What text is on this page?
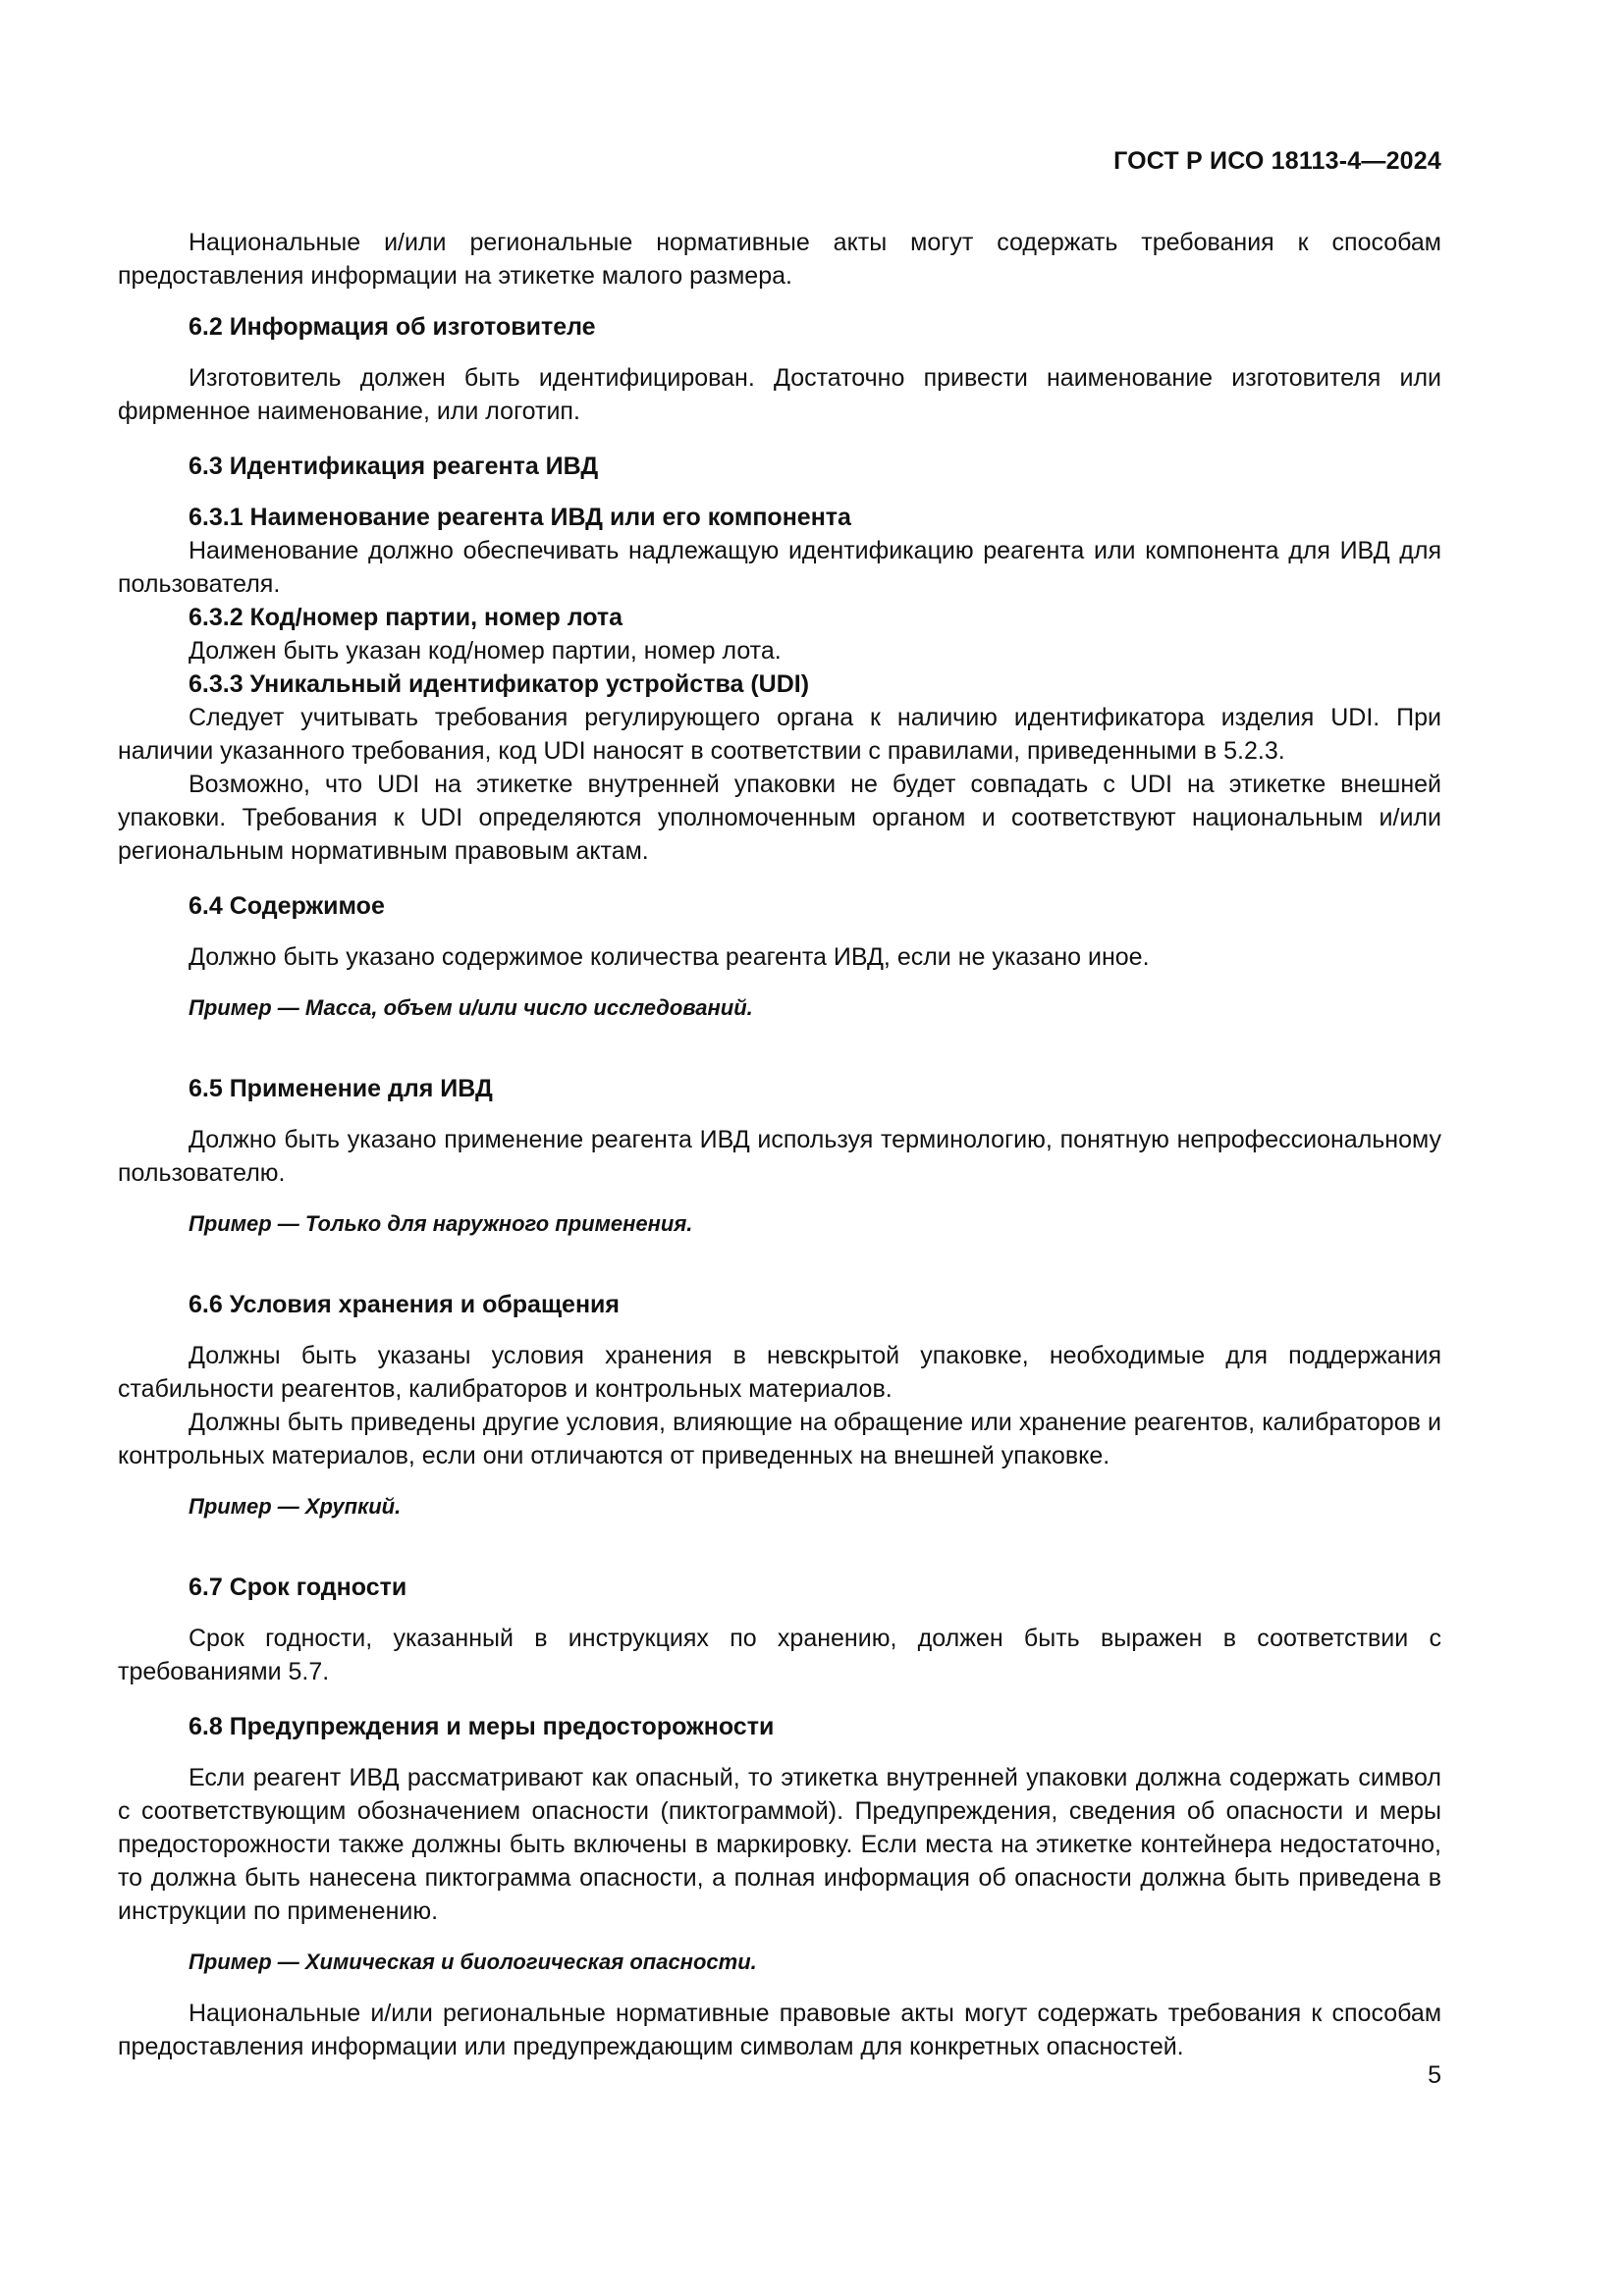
ГОСТ Р ИСО 18113-4—2024

Национальные и/или региональные нормативные акты могут содержать требования к способам предоставления информации на этикетке малого размера.

6.2 Информация об изготовителе

Изготовитель должен быть идентифицирован. Достаточно привести наименование изготовителя или фирменное наименование, или логотип.

6.3 Идентификация реагента ИВД
6.3.1 Наименование реагента ИВД или его компонента

Наименование должно обеспечивать надлежащую идентификацию реагента или компонента для ИВД для пользователя.

6.3.2 Код/номер партии, номер лота

Должен быть указан код/номер партии, номер лота.

6.3.3 Уникальный идентификатор устройства (UDI)

Следует учитывать требования регулирующего органа к наличию идентификатора изделия UDI. При наличии указанного требования, код UDI наносят в соответствии с правилами, приведенными в 5.2.3.

Возможно, что UDI на этикетке внутренней упаковки не будет совпадать с UDI на этикетке внешней упаковки. Требования к UDI определяются уполномоченным органом и соответствуют национальным и/или региональным нормативным правовым актам.

6.4 Содержимое

Должно быть указано содержимое количества реагента ИВД, если не указано иное.

Пример — Масса, объем и/или число исследований.
6.5 Применение для ИВД

Должно быть указано применение реагента ИВД используя терминологию, понятную непрофессиональному пользователю.

Пример — Только для наружного применения.
6.6 Условия хранения и обращения

Должны быть указаны условия хранения в невскрытой упаковке, необходимые для поддержания стабильности реагентов, калибраторов и контрольных материалов.

Должны быть приведены другие условия, влияющие на обращение или хранение реагентов, калибраторов и контрольных материалов, если они отличаются от приведенных на внешней упаковке.

Пример — Хрупкий.
6.7 Срок годности

Срок годности, указанный в инструкциях по хранению, должен быть выражен в соответствии с требованиями 5.7.

6.8 Предупреждения и меры предосторожности

Если реагент ИВД рассматривают как опасный, то этикетка внутренней упаковки должна содержать символ с соответствующим обозначением опасности (пиктограммой). Предупреждения, сведения об опасности и меры предосторожности также должны быть включены в маркировку. Если места на этикетке контейнера недостаточно, то должна быть нанесена пиктограмма опасности, а полная информация об опасности должна быть приведена в инструкции по применению.

Пример — Химическая и биологическая опасности.

Национальные и/или региональные нормативные правовые акты могут содержать требования к способам предоставления информации или предупреждающим символам для конкретных опасностей.

5
